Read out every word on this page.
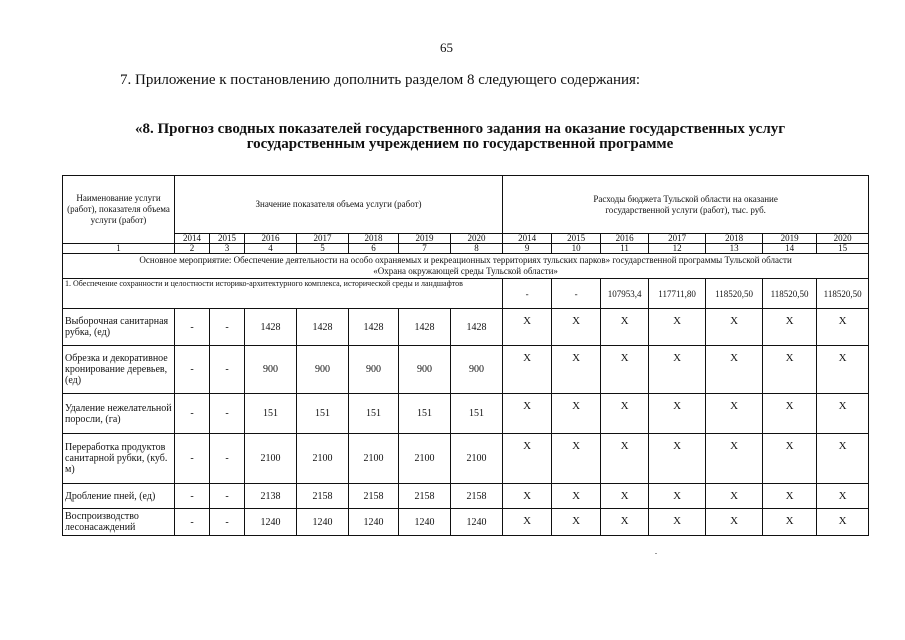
65
7. Приложение к постановлению дополнить разделом 8 следующего содержания:
«8. Прогноз сводных показателей государственного задания на оказание государственных услуг
государственным учреждением по государственной программе
Наименование услуги (работ), показателя объема услуги (работ)	Значение показателя объема услуги (работ)							Расходы бюджета Тульской области на оказание государственной услуги (работ), тыс. руб.						
	2014	2015	2016	2017	2018	2019	2020	2014	2015	2016	2017	2018	2019	2020
1	2	3	4	5	6	7	8	9	10	11	12	13	14	15

Основное мероприятие: Обеспечение деятельности на особо охраняемых и рекреационных территориях тульских парков» государственной программы Тульской области
«Охрана окружающей среды Тульской области»														

1. Обеспечение сохранности и целостности историко-архитектурного комплекса, исторической среды и ландшафтов								-	-	107953,4	117711,80	118520,50	118520,50	118520,50
Выборочная санитарная рубка, (ед)	-	-	1428	1428	1428	1428	1428	X	X	X	X	X	X	X
Обрезка и декоративное кронирование деревьев, (ед)	-	-	900	900	900	900	900	X	X	X	X	X	X	X
Удаление нежелательной поросли, (га)	-	-	151	151	151	151	151	X	X	X	X	X	X	X
Переработка продуктов санитарной рубки, (куб. м)	-	-	2100	2100	2100	2100	2100	X	X	X	X	X	X	X
Дробление пней, (ед)	-	-	2138	2158	2158	2158	2158	X	X	X	X	X	X	X
Воспроизводство лесонасаждений	-	-	1240	1240	1240	1240	1240	X	X	X	X	X	X	X
